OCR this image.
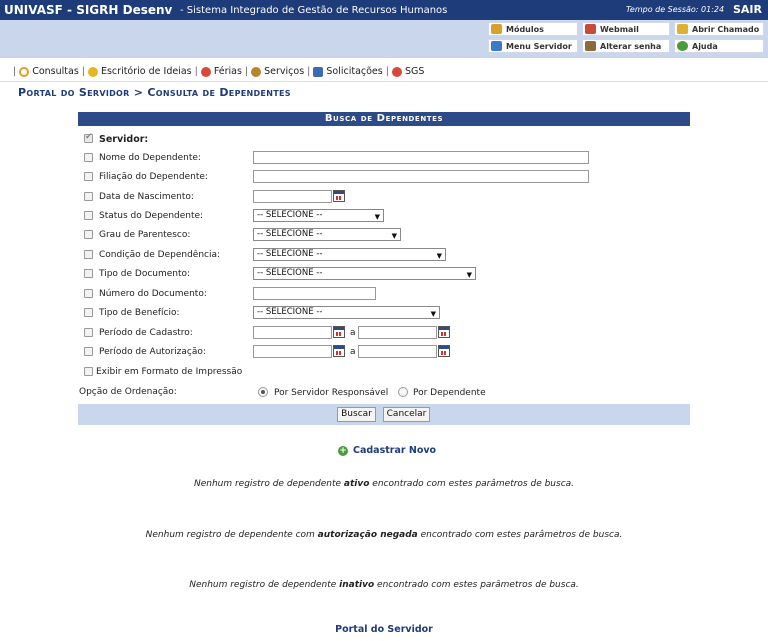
UNIVASF - SIGRH Desenv - Sistema Integrado de Gestão de Recursos Humanos	Tempo de Sessão: 01:24 SAIR
Módulos	Webmail	Abrir Chamado
Menu Servidor	Alterar senha	Ajuda
| Consultas | Escritório de Ideias | Férias | Serviços | Solicitações | SGS
Portal do Servidor > Consulta de Dependentes
Busca de Dependentes
✔
Servidor:
Nome do Dependente:
Filiação do Dependente:
Data de Nascimento:
Status do Dependente:	-- SELECIONE --	▼
Grau de Parentesco:	-- SELECIONE --	▼
Condição de Dependência:	-- SELECIONE --	▼
Tipo de Documento:	-- SELECIONE --	▼
Número do Documento:
Tipo de Benefício:	-- SELECIONE --	▼
Período de Cadastro:	a
Período de Autorização:	a
Exibir em Formato de Impressão
Opção de Ordenação:	Por Servidor Responsável	Por Dependente
Buscar	Cancelar
+ Cadastrar Novo
Nenhum registro de dependente ativo encontrado com estes parâmetros de busca.
Nenhum registro de dependente com autorização negada encontrado com estes parâmetros de busca.
Nenhum registro de dependente inativo encontrado com estes parâmetros de busca.
Portal do Servidor
